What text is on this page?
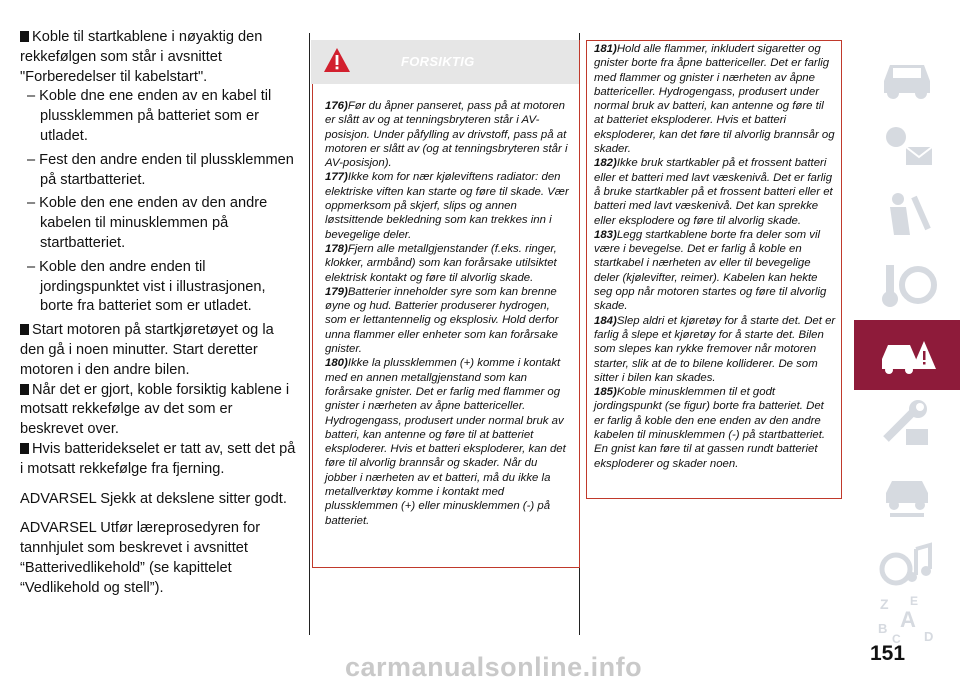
Koble til startkablene i nøyaktig den rekkefølgen som står i avsnittet "Forberedelser til kabelstart".

– Koble dne ene enden av en kabel til plussklemmen på batteriet som er utladet.
– Fest den andre enden til plussklemmen på startbatteriet.
– Koble den ene enden av den andre kabelen til minusklemmen på startbatteriet.
– Koble den andre enden til jordingspunktet vist i illustrasjonen, borte fra batteriet som er utladet.

Start motoren på startkjøretøyet og la den gå i noen minutter. Start deretter motoren i den andre bilen.

Når det er gjort, koble forsiktig kablene i motsatt rekkefølge av det som er beskrevet over.

Hvis batteridekselet er tatt av, sett det på i motsatt rekkefølge fra fjerning.

ADVARSEL Sjekk at dekslene sitter godt.

ADVARSEL Utfør læreprosedyren for tannhjulet som beskrevet i avsnittet “Batterivedlikehold” (se kapittelet “Vedlikehold og stell”).

FORSIKTIG
176)Før du åpner panseret, pass på at motoren er slått av og at tenningsbryteren står i AV-posisjon. Under påfylling av drivstoff, pass på at motoren er slått av (og at tenningsbryteren står i AV-posisjon).
177)Ikke kom for nær kjøleviftens radiator: den elektriske viften kan starte og føre til skade. Vær oppmerksom på skjerf, slips og annen løstsittende bekledning som kan trekkes inn i bevegelige deler.
178)Fjern alle metallgjenstander (f.eks. ringer, klokker, armbånd) som kan forårsake utilsiktet elektrisk kontakt og føre til alvorlig skade.
179)Batterier inneholder syre som kan brenne øyne og hud. Batterier produserer hydrogen, som er lettantennelig og eksplosiv. Hold derfor unna flammer eller enheter som kan forårsake gnister.
180)Ikke la plussklemmen (+) komme i kontakt med en annen metallgjenstand som kan forårsake gnister. Det er farlig med flammer og gnister i nærheten av åpne battericeller. Hydrogengass, produsert under normal bruk av batteri, kan antenne og føre til at batteriet eksploderer. Hvis et batteri eksploderer, kan det føre til alvorlig brannsår og skader. Når du jobber i nærheten av et batteri, må du ikke la metallverktøy komme i kontakt med plussklemmen (+) eller minusklemmen (-) på batteriet.
181)Hold alle flammer, inkludert sigaretter og gnister borte fra åpne battericeller. Det er farlig med flammer og gnister i nærheten av åpne battericeller. Hydrogengass, produsert under normal bruk av batteri, kan antenne og føre til at batteriet eksploderer. Hvis et batteri eksploderer, kan det føre til alvorlig brannsår og skader.
182)Ikke bruk startkabler på et frossent batteri eller et batteri med lavt væskenivå. Det er farlig å bruke startkabler på et frossent batteri eller et batteri med lavt væskenivå. Det kan sprekke eller eksplodere og føre til alvorlig skade.
183)Legg startkablene borte fra deler som vil være i bevegelse. Det er farlig å koble en startkabel i nærheten av eller til bevegelige deler (kjølevifter, reimer). Kabelen kan hekte seg opp når motoren startes og føre til alvorlig skade.
184)Slep aldri et kjøretøy for å starte det. Det er farlig å slepe et kjøretøy for å starte det. Bilen som slepes kan rykke fremover når motoren starter, slik at de to bilene kolliderer. De som sitter i bilen kan skades.
185)Koble minusklemmen til et godt jordingspunkt (se figur) borte fra batteriet. Det er farlig å koble den ene enden av den andre kabelen til minusklemmen (-) på startbatteriet. En gnist kan føre til at gassen rundt batteriet eksploderer og skader noen.
Z E
A
B
C D
151
carmanualsonline.info
